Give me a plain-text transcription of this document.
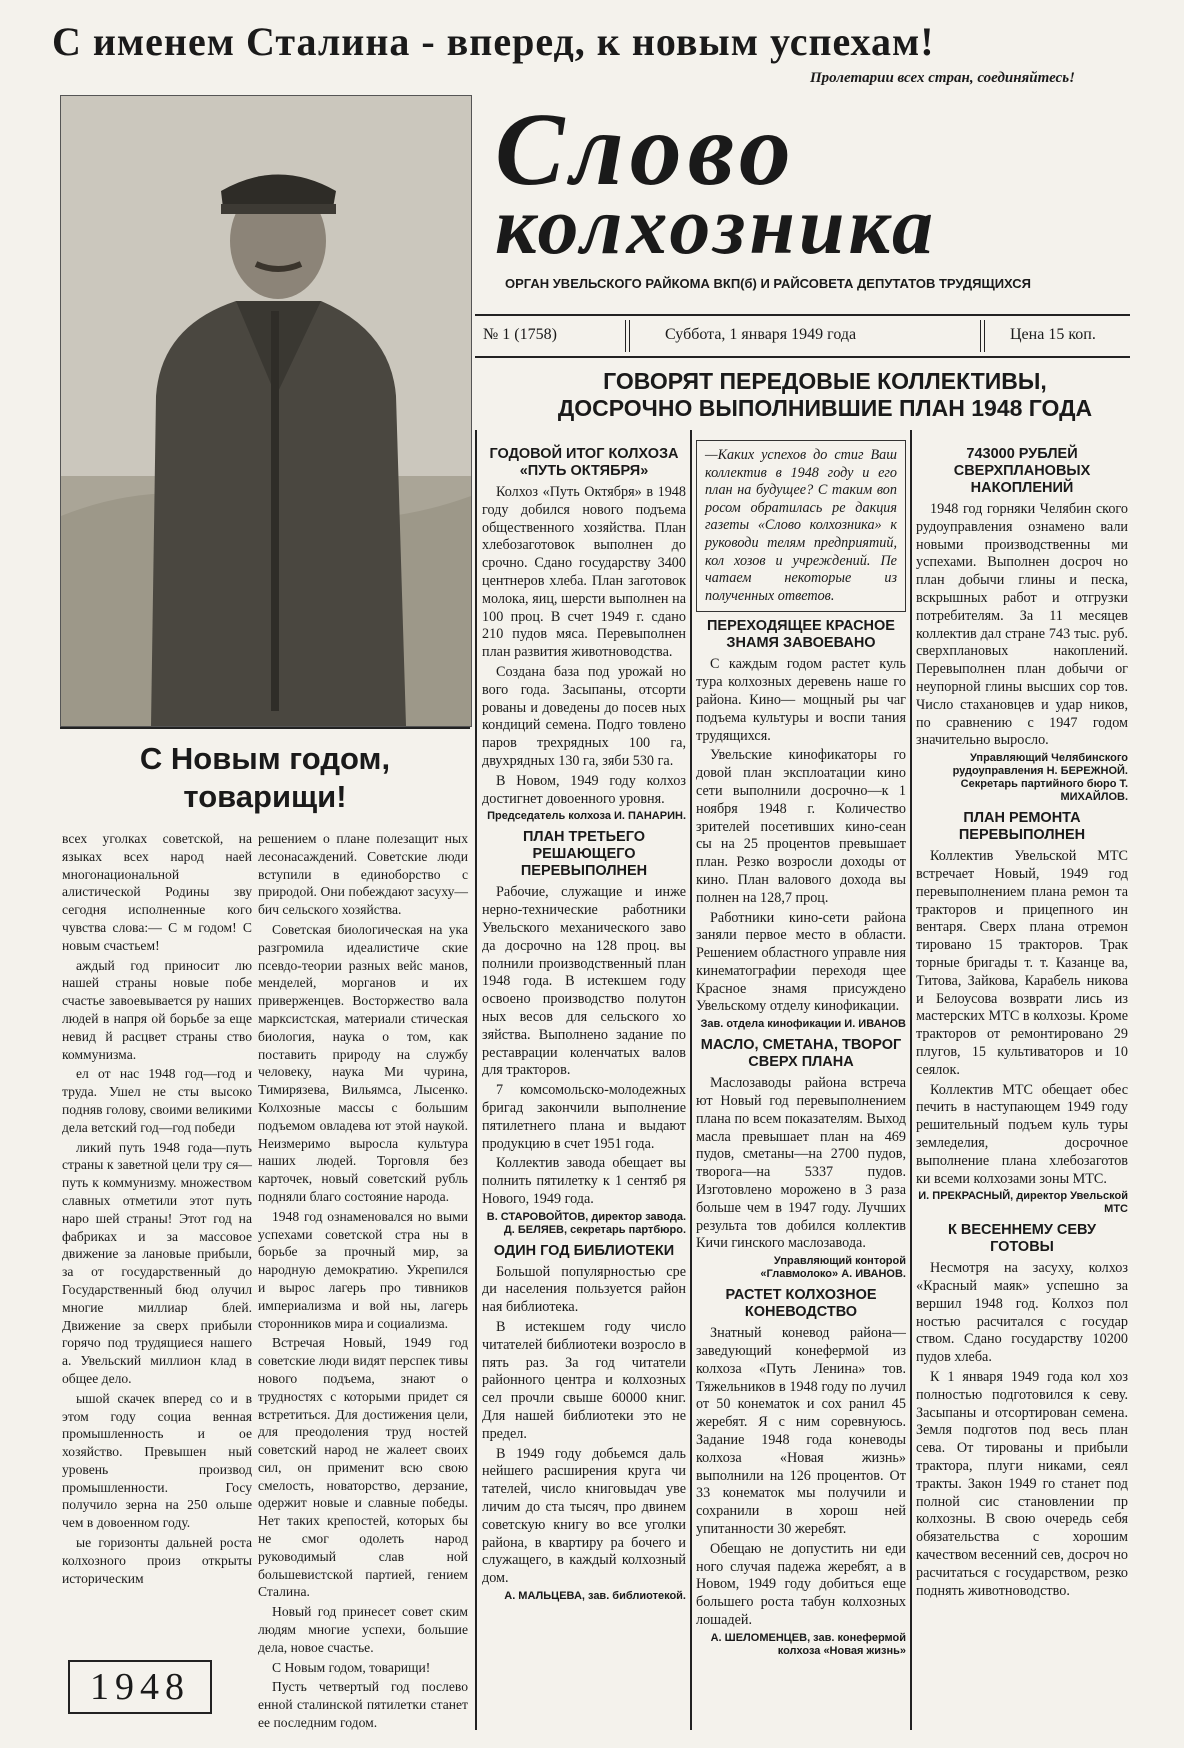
С именем Сталина - вперед, к новым успехам!
Пролетарии всех стран, соединяйтесь!
Слово
колхозника
ОРГАН УВЕЛЬСКОГО РАЙКОМА ВКП(б) И РАЙСОВЕТА ДЕПУТАТОВ ТРУДЯЩИХСЯ
№ 1 (1758)	Суббота, 1 января 1949 года	Цена 15 коп.
С Новым годом,
товарищи!

всех уголках советской, на языках всех народ наей многонациональной алистической Родины зву сегодня исполненные кого чувства слова:— С м годом! С новым счастьем!

аждый год приносит лю нашей страны новые побе счастье завоевывается ру нашиx людей в напря ой борьбе за еще невид й расцвет страны ство коммунизма.

ел от нас 1948 год—год и труда. Ушел не сты высоко подняв голову, своими великими дела ветский год—год победи

ликий путь 1948 года—путь страны к заветной цели тру ся—путь к коммунизму. множеством славных отметили этот путь наро шей страны! Этот год на фабриках и за массовое движение за лановые прибыли, за от государственный до Государственный бюд олучил многие миллиар блей. Движение за сверх прибыли горячо под трудящиеся нашего а. Увельский миллион клад в общее дело.

ышой скачек вперед со и в этом году социа венная промышленность и ое хозяйство. Превышен ный уровень производ промышленности. Госу получило зерна на 250 ольше чем в довоенном году.

ые горизонты дальней роста колхозного произ открыты историческим

решением о плане полезащит ных лесонасаждений. Советские люди вступили в единоборство с природой. Они побеждают засуху—бич сельского хозяйства.

Советская биологическая на ука разгромила идеалистиче ские псевдо-теории разных вейс манов, менделей, морганов и их приверженцев. Восторжество вала марксистская, материали стическая биология, наука о том, как поставить природу на службу человеку, наука Ми чурина, Тимирязева, Вильямса, Лысенко. Колхозные массы с большим подъемом овладева ют этой наукой. Неизмеримо выросла культура наших людей. Торговля без карточек, новый советский рубль подняли благо состояние народа.

1948 год ознаменовался но выми успехами советской стра ны в борьбе за прочный мир, за народную демократию. Укрепился и вырос лагерь про тивников империализма и вой ны, лагерь сторонников мира и социализма.

Встречая Новый, 1949 год советские люди видят перспек тивы нового подъема, знают о трудностях с которыми придет ся встретиться. Для достижения цели, для преодоления труд ностей советский народ не жалеет своих сил, он применит всю свою смелость, новаторство, дерзание, одержит новые и славные победы. Нет таких крепостей, которых бы не смог одолеть народ руководимый слав ной большевистской партией, гением Сталина.

Новый год принесет совет ским людям многие успехи, большие дела, новое счастье.

С Новым годом, товарищи!

Пусть четвертый год послево енной сталинской пятилетки станет ее последним годом.

1948
ГОВОРЯТ ПЕРЕДОВЫЕ КОЛЛЕКТИВЫ, ДОСРОЧНО ВЫПОЛНИВШИЕ ПЛАН 1948 ГОДА
ГОДОВОЙ ИТОГ КОЛХОЗА «ПУТЬ ОКТЯБРЯ»

Колхоз «Путь Октября» в 1948 году добился нового подъема общественного хозяйства. План хлебозаготовок выполнен до срочно. Сдано государству 3400 центнеров хлеба. План заготовок молока, яиц, шерсти выполнен на 100 проц. В счет 1949 г. сдано 210 пудов мяса. Перевыполнен план развития животноводства.

Создана база под урожай но вого года. Засыпаны, отсорти рованы и доведены до посев ных кондиций семена. Подго товлено паров трехрядных 100 га, двухрядных 130 га, зяби 530 га.

В Новом, 1949 году колхоз достигнет довоенного уровня.

Председатель колхоза И. ПАНАРИН.
ПЛАН ТРЕТЬЕГО РЕШАЮЩЕГО ПЕРЕВЫПОЛНЕН

Рабочие, служащие и инже нерно-технические работники Увельского механического заво да досрочно на 128 проц. вы полнили производственный план 1948 года. В истекшем году освоено производство полутон ных весов для сельского хо зяйства. Выполнено задание по реставрации коленчатых валов для тракторов.

7 комсомольско-молодежных бригад закончили выполнение пятилетнего плана и выдают продукцию в счет 1951 года.

Коллектив завода обещает вы полнить пятилетку к 1 сентяб ря Нового, 1949 года.

В. СТАРОВОЙТОВ, директор завода. Д. БЕЛЯЕВ, секретарь партбюро.
ОДИН ГОД БИБЛИОТЕКИ

Большой популярностью сре ди населения пользуется район ная библиотека.

В истекшем году число читателей библиотеки возросло в пять раз. За год читатели районного центра и колхозных сел прочли свыше 60000 книг. Для нашей библиотеки это не предел.

В 1949 году добьемся даль нейшего расширения круга чи тателей, число книговыдач уве личим до ста тысяч, про двинем советскую книгу во все уголки района, в квартиру ра бочего и служащего, в каждый колхозный дом.

А. МАЛЬЦЕВА, зав. библиотекой.
—Каких успехов до стиг Ваш коллектив в 1948 году и его план на будущее? С таким воп росом обратилась ре дакция газеты «Слово колхозника» к руководи телям предприятий, кол хозов и учреждений. Пе чатаем некоторые из полученных ответов.
ПЕРЕХОДЯЩЕЕ КРАСНОЕ ЗНАМЯ ЗАВОЕВАНО

С каждым годом растет куль тура колхозных деревень наше го района. Кино— мощный ры чаг подъема культуры и воспи тания трудящихся.

Увельские кинофикаторы го довой план эксплоатации кино сети выполнили досрочно—к 1 ноября 1948 г. Количество зрителей посетивших кино-сеан сы на 25 процентов превышает план. Резко возросли доходы от кино. План валового дохода вы полнен на 128,7 проц.

Работники кино-сети района заняли первое место в области. Решением областного управле ния кинематографии переходя щее Красное знамя присуждено Увельскому отделу кинофикации.

Зав. отдела кинофикации И. ИВАНОВ
МАСЛО, СМЕТАНА, ТВОРОГ СВЕРХ ПЛАНА

Маслозаводы района встреча ют Новый год перевыполнением плана по всем показателям. Выход масла превышает план на 469 пудов, сметаны—на 2700 пудов, творога—на 5337 пудов. Изготовлено морожено в 3 раза больше чем в 1947 году. Лучших результа тов добился коллектив Кичи гинского маслозавода.

Управляющий конторой «Главмолоко» А. ИВАНОВ.
РАСТЕТ КОЛХОЗНОЕ КОНЕВОДСТВО

Знатный коневод района— заведующий конефермой из колхоза «Путь Ленина» тов. Тяжельников в 1948 году по лучил от 50 конематок и сох ранил 45 жеребят. Я с ним соревнуюсь. Задание 1948 года коневоды колхоза «Новая жизнь» выполнили на 126 процентов. От 33 конематок мы получили и сохранили в хорош ней упитанности 30 жеребят.

Обещаю не допустить ни еди ного случая падежа жеребят, а в Новом, 1949 году добиться еще большего роста табун колхозных лошадей.

А. ШЕЛОМЕНЦЕВ, зав. конефермой колхоза «Новая жизнь»
743000 РУБЛЕЙ СВЕРХПЛАНОВЫХ НАКОПЛЕНИЙ

1948 год горняки Челябин ского рудоуправления ознамено вали новыми производственны ми успехами. Выполнен досроч но план добычи глины и песка, вскрышных работ и отгрузки потребителям. За 11 месяцев коллектив дал стране 743 тыс. руб. сверхплановых накоплений. Перевыполнен план добычи ог неупорной глины высших сор тов. Число стахановцев и удар ников, по сравнению с 1947 годом значительно выросло.

Управляющий Челябинского рудоуправления Н. БЕРЕЖНОЙ. Секретарь партийного бюро Т. МИХАЙЛОВ.
ПЛАН РЕМОНТА ПЕРЕВЫПОЛНЕН

Коллектив Увельской МТС встречает Новый, 1949 год перевыполнением плана ремон та тракторов и прицепного ин вентаря. Сверх плана отремон тировано 15 тракторов. Трак торные бригады т. т. Казанце ва, Титова, Зайкова, Карабель никова и Белоусова возврати лись из мастерских МТС в колхозы. Кроме тракторов от ремонтировано 29 плугов, 15 культиваторов и 10 сеялок.

Коллектив МТС обещает обес печить в наступающем 1949 году решительный подъем куль туры земледелия, досрочное выполнение плана хлебозаготов ки всеми колхозами зоны МТС.

И. ПРЕКРАСНЫЙ, директор Увельской МТС
К ВЕСЕННЕМУ СЕВУ ГОТОВЫ

Несмотря на засуху, колхоз «Красный маяк» успешно за вершил 1948 год. Колхоз пол ностью расчитался с государ ством. Сдано государству 10200 пудов хлеба.

К 1 января 1949 года кол хоз полностью подготовился к севу. Засыпаны и отсортирован семена. Земля подготов под весь план сева. От тированы и прибыли трактора, плуги никами, сеял тракты. Закон 1949 го станет под полной сис становлении пр колхозны. В свою очередь себя обязательства с хорошим качеством весенний сев, досроч но расчитаться с государством, резко поднять животноводство.
